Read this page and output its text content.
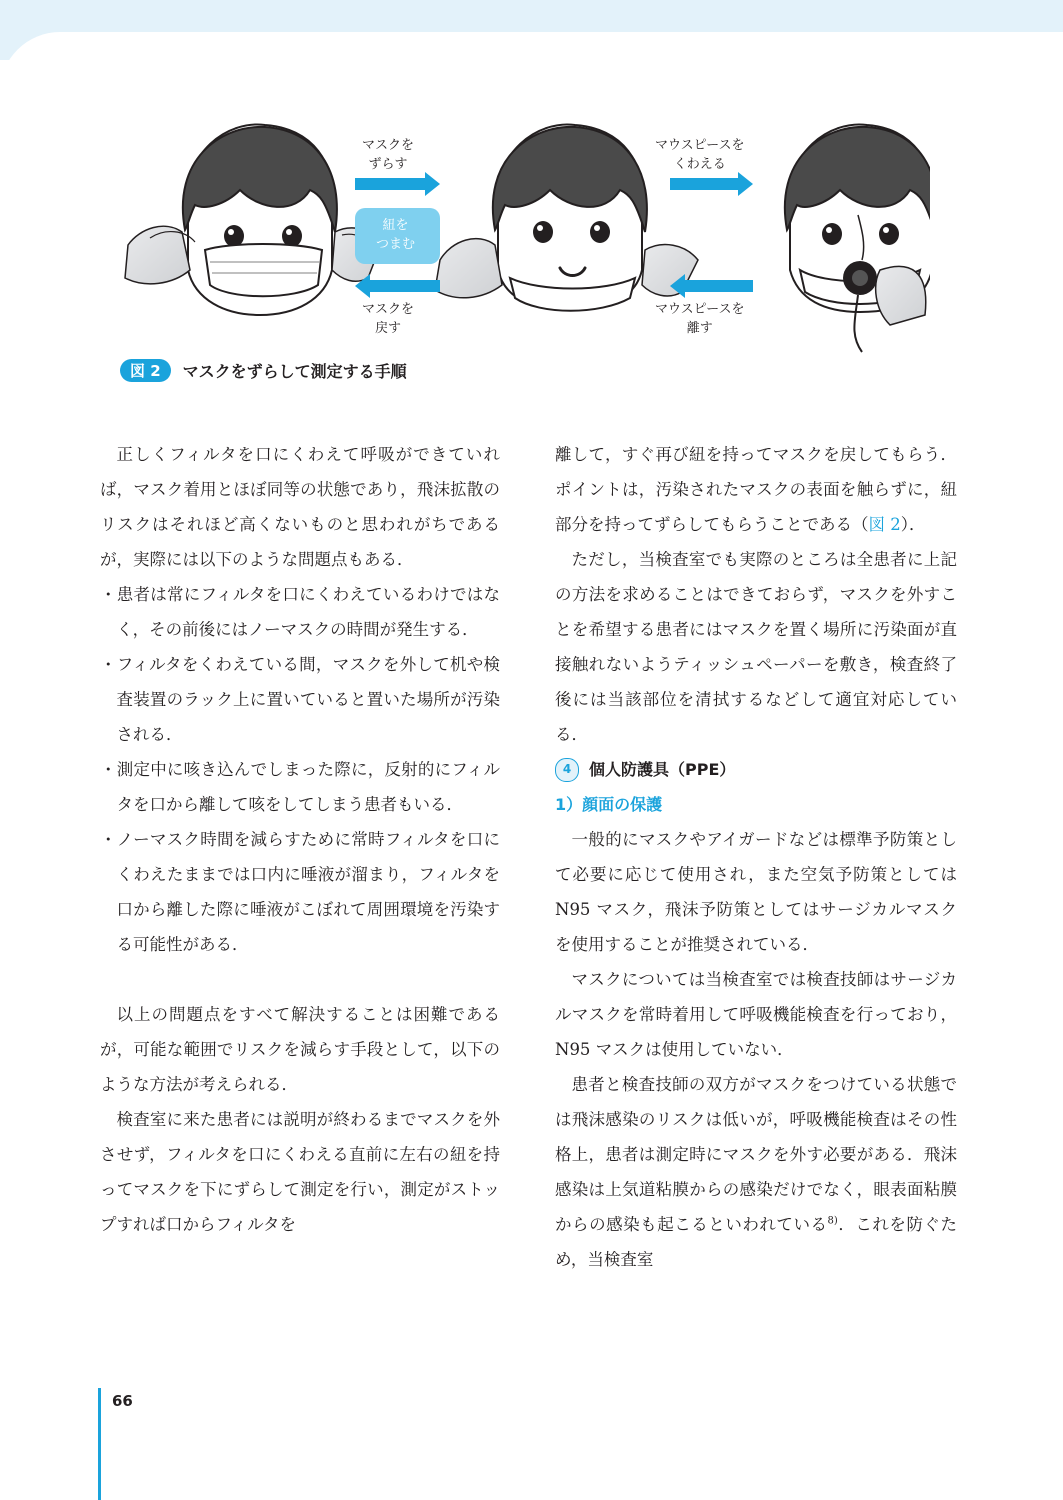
マスクを
ずらす
マスクを
戻す
紐を
つまむ
マウスピースを
くわえる
マウスピースを
離す
図 2	マスクをずらして測定する手順

正しくフィルタを口にくわえて呼吸ができていれば，マスク着用とほぼ同等の状態であり，飛沫拡散のリスクはそれほど高くないものと思われがちであるが，実際には以下のような問題点もある．

・患者は常にフィルタを口にくわえているわけではなく，その前後にはノーマスクの時間が発生する．

・フィルタをくわえている間，マスクを外して机や検査装置のラック上に置いていると置いた場所が汚染される．

・測定中に咳き込んでしまった際に，反射的にフィルタを口から離して咳をしてしまう患者もいる．

・ノーマスク時間を減らすために常時フィルタを口にくわえたままでは口内に唾液が溜まり，フィルタを口から離した際に唾液がこぼれて周囲環境を汚染する可能性がある．

以上の問題点をすべて解決することは困難であるが，可能な範囲でリスクを減らす手段として，以下のような方法が考えられる．

検査室に来た患者には説明が終わるまでマスクを外させず，フィルタを口にくわえる直前に左右の紐を持ってマスクを下にずらして測定を行い，測定がストップすれば口からフィルタを

離して，すぐ再び紐を持ってマスクを戻してもらう．ポイントは，汚染されたマスクの表面を触らずに，紐部分を持ってずらしてもらうことである（図 2）．

ただし，当検査室でも実際のところは全患者に上記の方法を求めることはできておらず，マスクを外すことを希望する患者にはマスクを置く場所に汚染面が直接触れないようティッシュペーパーを敷き，検査終了後には当該部位を清拭するなどして適宜対応している．

4	個人防護具（PPE）

1）顔面の保護

一般的にマスクやアイガードなどは標準予防策として必要に応じて使用され，また空気予防策としては N95 マスク，飛沫予防策としてはサージカルマスクを使用することが推奨されている．

マスクについては当検査室では検査技師はサージカルマスクを常時着用して呼吸機能検査を行っており，N95 マスクは使用していない．

患者と検査技師の双方がマスクをつけている状態では飛沫感染のリスクは低いが，呼吸機能検査はその性格上，患者は測定時にマスクを外す必要がある．飛沫感染は上気道粘膜からの感染だけでなく，眼表面粘膜からの感染も起こるといわれている$^{8)}$．これを防ぐため，当検査室

66
